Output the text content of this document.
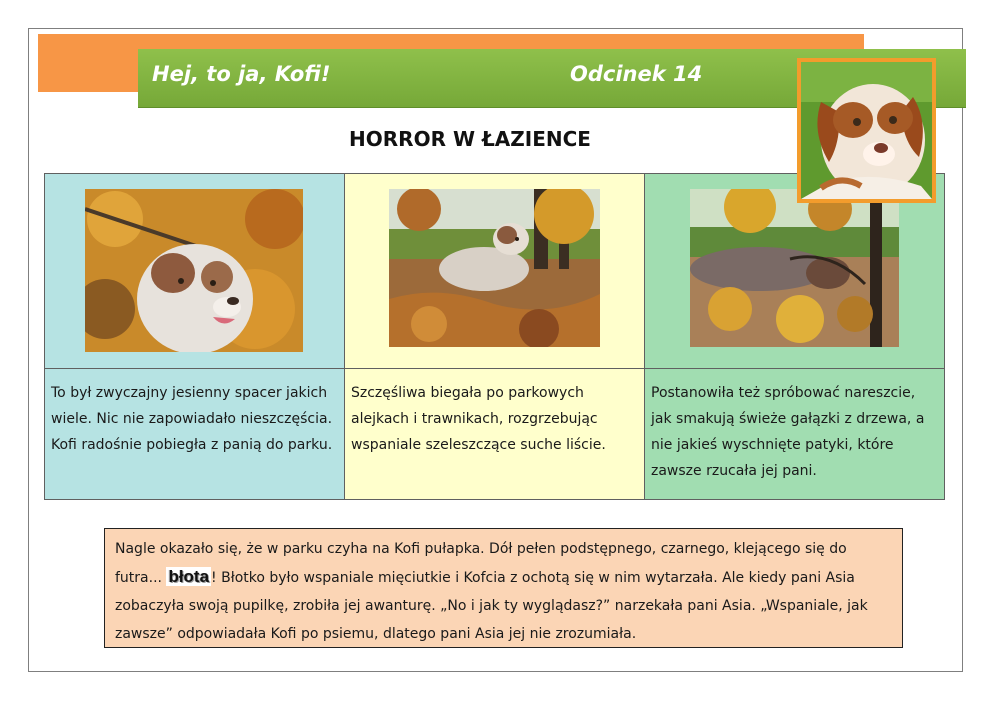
Hej, to ja, Kofi!	Odcinek 14
HORROR W ŁAZIENCE
To był zwyczajny jesienny spacer jakich wiele. Nic nie zapowiadało nieszczęścia. Kofi radośnie pobiegła z panią do parku.
Szczęśliwa biegała po parkowych alejkach i trawnikach, rozgrzebując wspaniale szeleszczące suche liście.
Postanowiła też spróbować nareszcie, jak smakują świeże gałązki z drzewa, a nie jakieś wyschnięte patyki, które zawsze rzucała jej pani.
Nagle okazało się, że w parku czyha na Kofi pułapka. Dół pełen podstępnego, czarnego, klejącego się do futra... błota ! Błotko było wspaniale mięciutkie i Kofcia z ochotą się w nim wytarzała. Ale kiedy pani Asia zobaczyła swoją pupilkę, zrobiła jej awanturę. „No i jak ty wyglądasz?” narzekała pani Asia. „Wspaniale, jak zawsze” odpowiadała Kofi po psiemu, dlatego pani Asia jej nie zrozumiała.
